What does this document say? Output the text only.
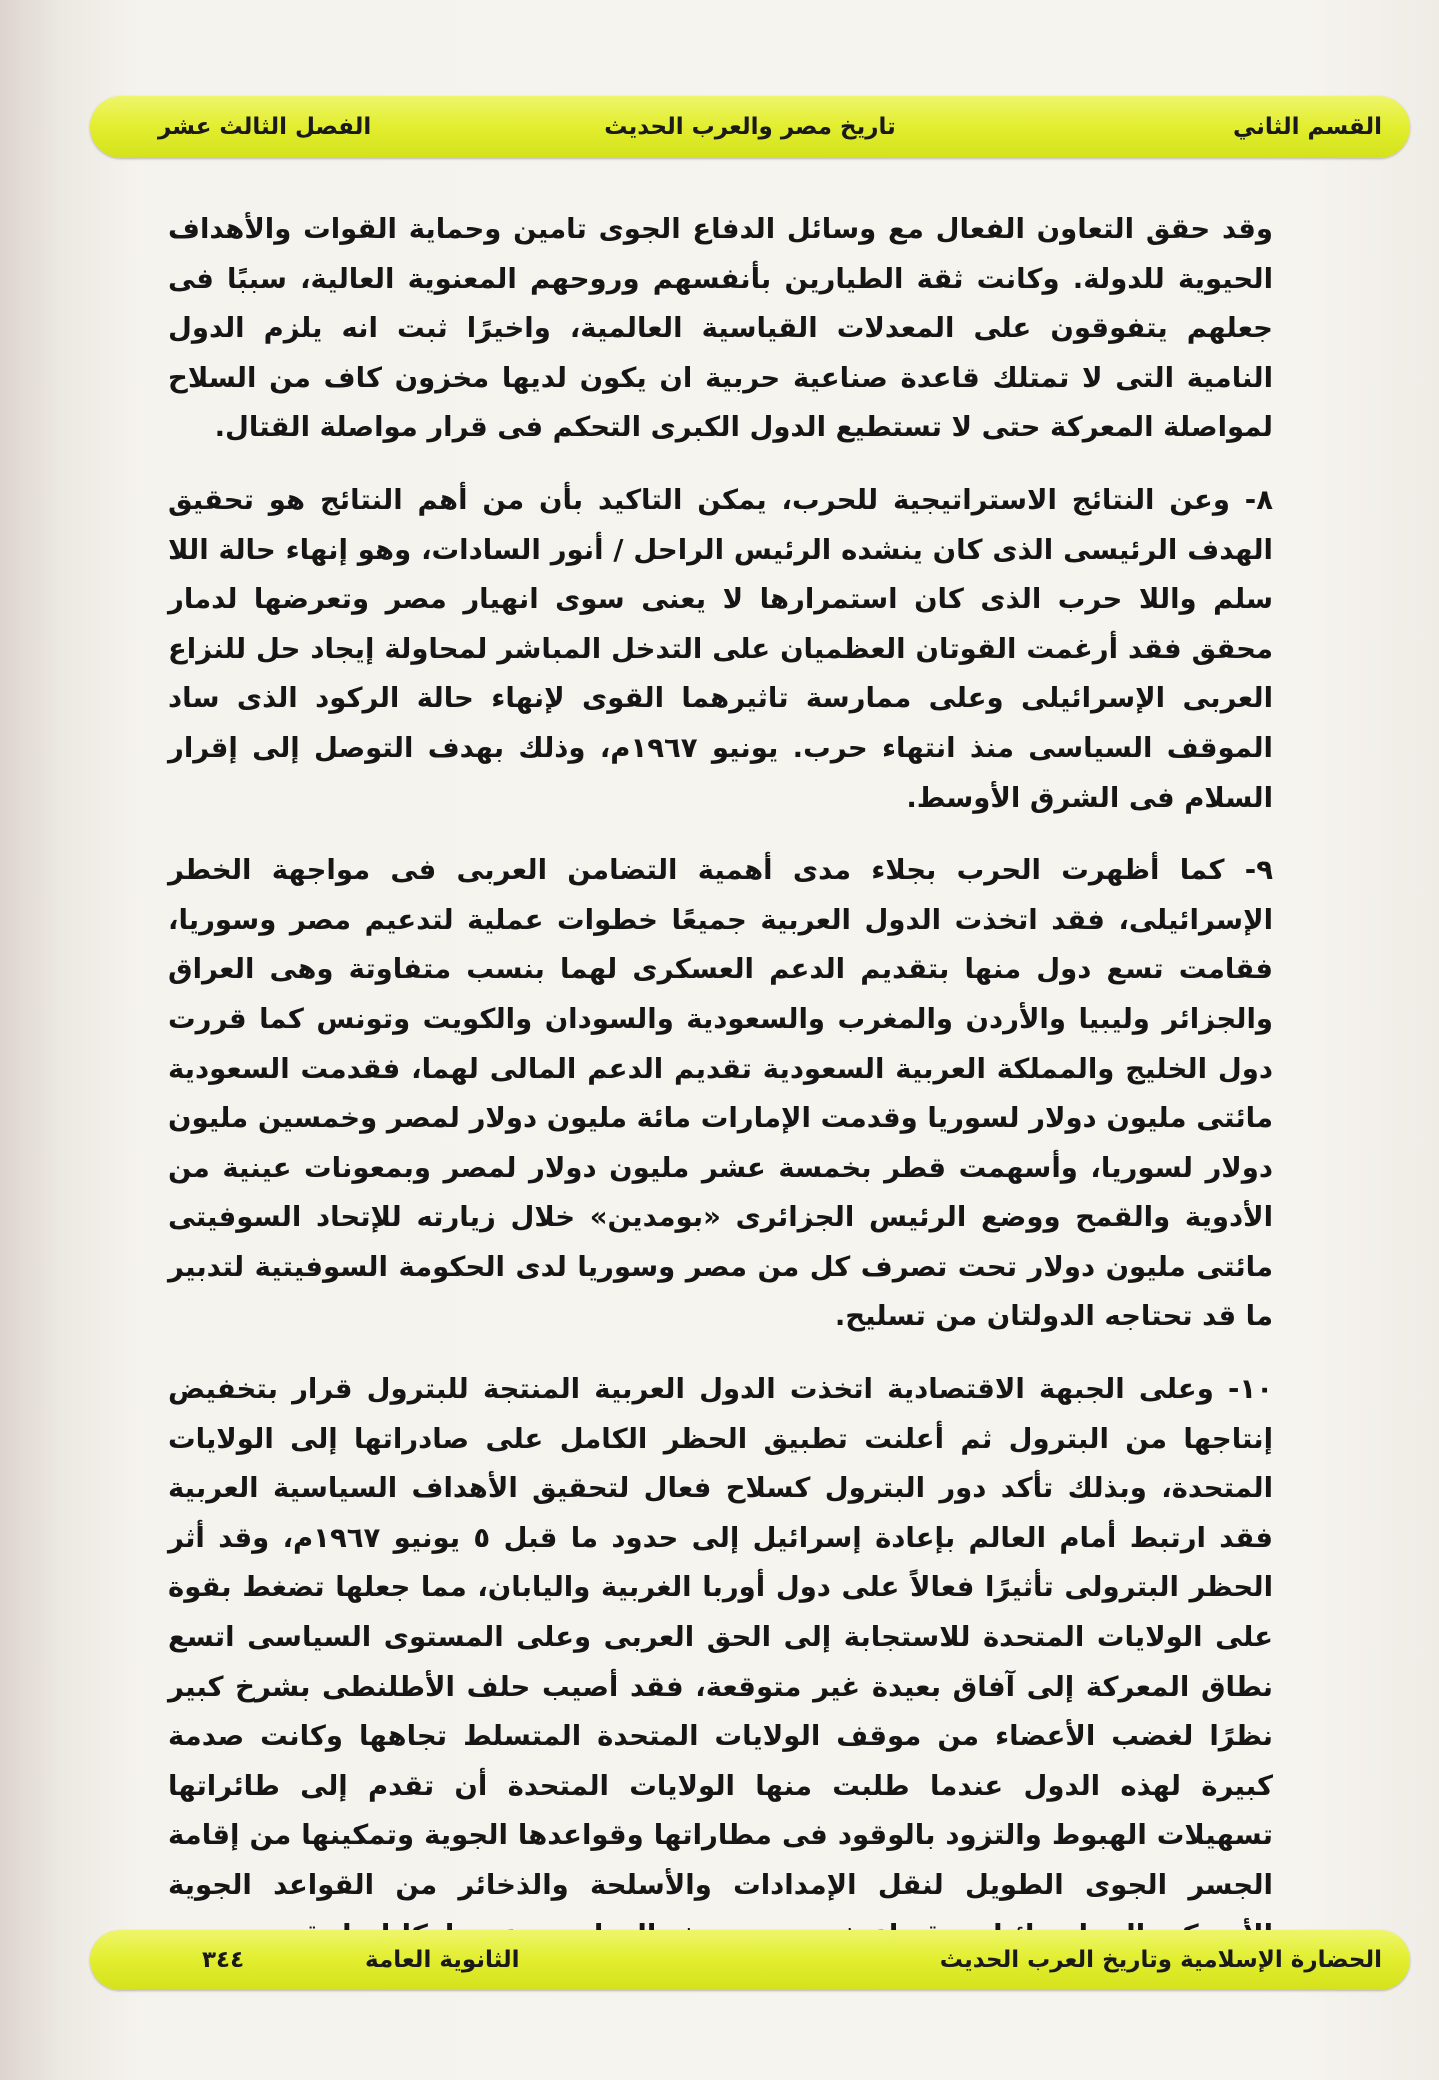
القسم الثاني
تاريخ مصر والعرب الحديث
الفصل الثالث عشر

وقد حقق التعاون الفعال مع وسائل الدفاع الجوى تامين وحماية القوات والأهداف الحيوية للدولة. وكانت ثقة الطيارين بأنفسهم وروحهم المعنوية العالية، سببًا فى جعلهم يتفوقون على المعدلات القياسية العالمية، واخيرًا ثبت انه يلزم الدول النامية التى لا تمتلك قاعدة صناعية حربية ان يكون لديها مخزون كاف من السلاح لمواصلة المعركة حتى لا تستطيع الدول الكبرى التحكم فى قرار مواصلة القتال.

٨ - وعن النتائج الاستراتيجية للحرب، يمكن التاكيد بأن من أهم النتائج هو تحقيق الهدف الرئيسى الذى كان ينشده الرئيس الراحل / أنور السادات، وهو إنهاء حالة اللا سلم واللا حرب الذى كان استمرارها لا يعنى سوى انهيار مصر وتعرضها لدمار محقق فقد أرغمت القوتان العظميان على التدخل المباشر لمحاولة إيجاد حل للنزاع العربى الإسرائيلى وعلى ممارسة تاثيرهما القوى لإنهاء حالة الركود الذى ساد الموقف السياسى منذ انتهاء حرب. يونيو ١٩٦٧م، وذلك بهدف التوصل إلى إقرار السلام فى الشرق الأوسط.

٩ - كما أظهرت الحرب بجلاء مدى أهمية التضامن العربى فى مواجهة الخطر الإسرائيلى، فقد اتخذت الدول العربية جميعًا خطوات عملية لتدعيم مصر وسوريا، فقامت تسع دول منها بتقديم الدعم العسكرى لهما بنسب متفاوتة وهى العراق والجزائر وليبيا والأردن والمغرب والسعودية والسودان والكويت وتونس كما قررت دول الخليج والمملكة العربية السعودية تقديم الدعم المالى لهما، فقدمت السعودية مائتى مليون دولار لسوريا وقدمت الإمارات مائة مليون دولار لمصر وخمسين مليون دولار لسوريا، وأسهمت قطر بخمسة عشر مليون دولار لمصر وبمعونات عينية من الأدوية والقمح ووضع الرئيس الجزائرى «بومدين» خلال زيارته للإتحاد السوفيتى مائتى مليون دولار تحت تصرف كل من مصر وسوريا لدى الحكومة السوفيتية لتدبير ما قد تحتاجه الدولتان من تسليح.

١٠ - وعلى الجبهة الاقتصادية اتخذت الدول العربية المنتجة للبترول قرار بتخفيض إنتاجها من البترول ثم أعلنت تطبيق الحظر الكامل على صادراتها إلى الولايات المتحدة، وبذلك تأكد دور البترول كسلاح فعال لتحقيق الأهداف السياسية العربية فقد ارتبط أمام العالم بإعادة إسرائيل إلى حدود ما قبل ٥ يونيو ١٩٦٧م، وقد أثر الحظر البترولى تأثيرًا فعالاً على دول أوربا الغربية واليابان، مما جعلها تضغط بقوة على الولايات المتحدة للاستجابة إلى الحق العربى وعلى المستوى السياسى اتسع نطاق المعركة إلى آفاق بعيدة غير متوقعة، فقد أصيب حلف الأطلنطى بشرخ كبير نظرًا لغضب الأعضاء من موقف الولايات المتحدة المتسلط تجاهها وكانت صدمة كبيرة لهذه الدول عندما طلبت منها الولايات المتحدة أن تقدم إلى طائراتها تسهيلات الهبوط والتزود بالوقود فى مطاراتها وقواعدها الجوية وتمكينها من إقامة الجسر الجوى الطويل لنقل الإمدادات والأسلحة والذخائر من القواعد الجوية

الحضارة الإسلامية وتاريخ العرب الحديث
الثانوية العامة
٣٤٤
